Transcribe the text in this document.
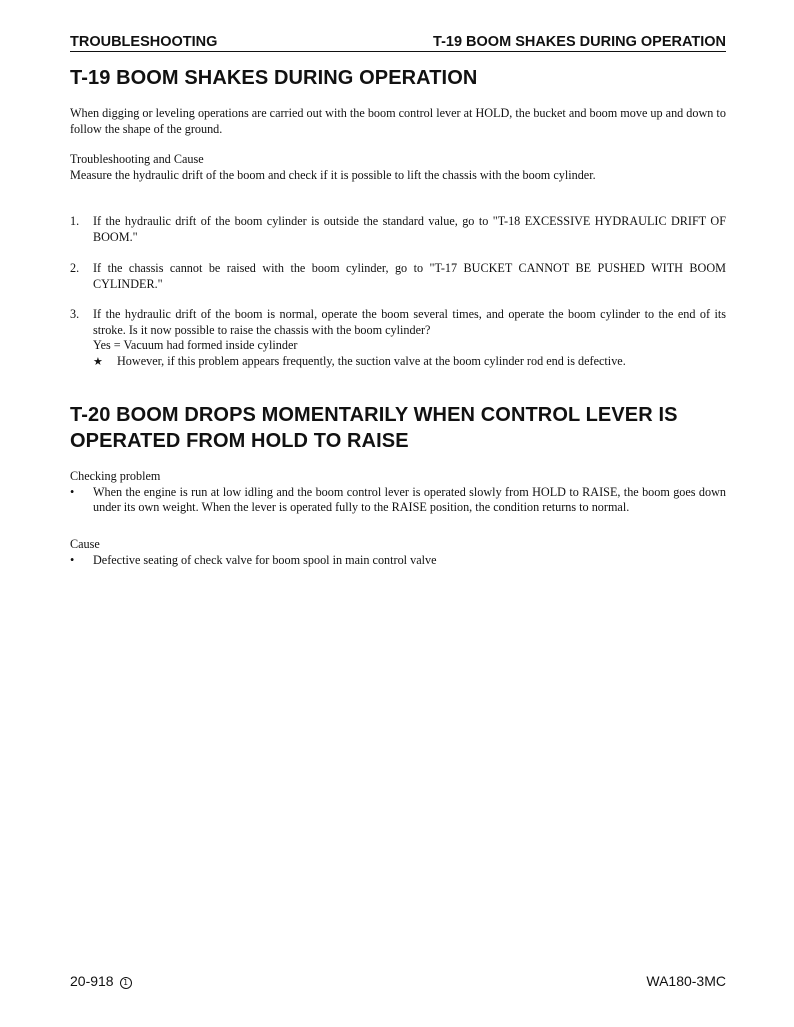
TROUBLESHOOTING	T-19 BOOM SHAKES DURING OPERATION
T-19 BOOM SHAKES DURING OPERATION

When digging or leveling operations are carried out with the boom control lever at HOLD, the bucket and boom move up and down to follow the shape of the ground.

Troubleshooting and Cause

Measure the hydraulic drift of the boom and check if it is possible to lift the chassis with the boom cylinder.

1.	If the hydraulic drift of the boom cylinder is outside the standard value, go to "T-18 EXCESSIVE HYDRAULIC DRIFT OF BOOM."
2.	If the chassis cannot be raised with the boom cylinder, go to "T-17 BUCKET CANNOT BE PUSHED WITH BOOM CYLINDER."
3.	If the hydraulic drift of the boom is normal, operate the boom several times, and operate the boom cylinder to the end of its stroke. Is it now possible to raise the chassis with the boom cylinder?
Yes = Vacuum had formed inside cylinder
★ However, if this problem appears frequently, the suction valve at the boom cylinder rod end is defective.
T-20 BOOM DROPS MOMENTARILY WHEN CONTROL LEVER IS
OPERATED FROM HOLD TO RAISE

Checking problem

• When the engine is run at low idling and the boom control lever is operated slowly from HOLD to RAISE, the boom goes down under its own weight. When the lever is operated fully to the RAISE position, the condition returns to normal.

Cause

• Defective seating of check valve for boom spool in main control valve
20-918 1	WA180-3MC
